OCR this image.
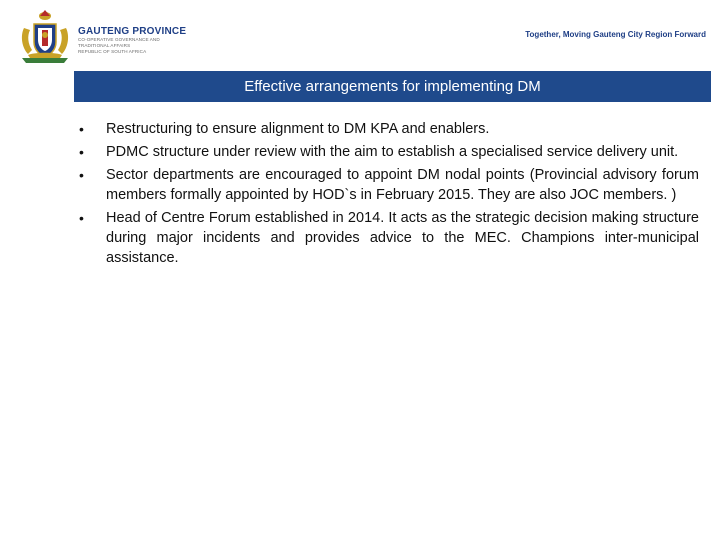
GAUTENG PROVINCE
CO-OPERATIVE GOVERNANCE AND
TRADITIONAL AFFAIRS
REPUBLIC OF SOUTH AFRICA
Together, Moving Gauteng City Region Forward
Effective arrangements for implementing DM
• Restructuring to ensure alignment to DM KPA and enablers.
• PDMC structure under review with the aim to establish a specialised service delivery unit.
• Sector departments are encouraged to appoint DM nodal points (Provincial advisory forum members formally appointed by HOD`s in February 2015. They are also JOC members. )
• Head of Centre Forum established in 2014. It acts as the strategic decision making structure during major incidents and provides advice to the MEC. Champions inter-municipal assistance.
